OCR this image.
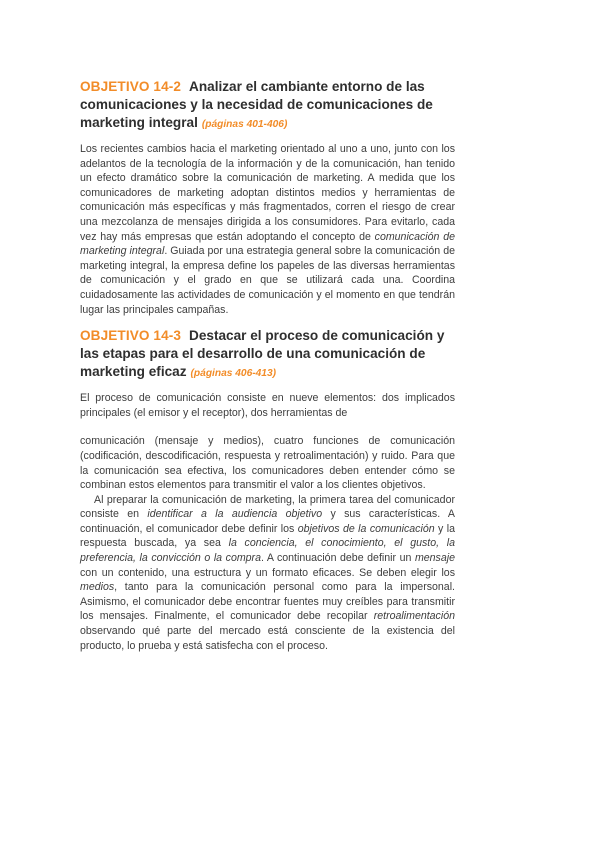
OBJETIVO 14-2 Analizar el cambiante entorno de las comunicaciones y la necesidad de comunicaciones de marketing integral (páginas 401-406)

Los recientes cambios hacia el marketing orientado al uno a uno, junto con los adelantos de la tecnología de la información y de la comunicación, han tenido un efecto dramático sobre la comunicación de marketing. A medida que los comunicadores de marketing adoptan distintos medios y herramientas de comunicación más específicas y más fragmentados, corren el riesgo de crear una mezcolanza de mensajes dirigida a los consumidores. Para evitarlo, cada vez hay más empresas que están adoptando el concepto de comunicación de marketing integral. Guiada por una estrategia general sobre la comunicación de marketing integral, la empresa define los papeles de las diversas herramientas de comunicación y el grado en que se utilizará cada una. Coordina cuidadosamente las actividades de comunicación y el momento en que tendrán lugar las principales campañas.

OBJETIVO 14-3 Destacar el proceso de comunicación y las etapas para el desarrollo de una comunicación de marketing eficaz (páginas 406-413)

El proceso de comunicación consiste en nueve elementos: dos implicados principales (el emisor y el receptor), dos herramientas de

comunicación (mensaje y medios), cuatro funciones de comunicación (codificación, descodificación, respuesta y retroalimentación) y ruido. Para que la comunicación sea efectiva, los comunicadores deben entender cómo se combinan estos elementos para transmitir el valor a los clientes objetivos.

Al preparar la comunicación de marketing, la primera tarea del comunicador consiste en identificar a la audiencia objetivo y sus características. A continuación, el comunicador debe definir los objetivos de la comunicación y la respuesta buscada, ya sea la conciencia, el conocimiento, el gusto, la preferencia, la convicción o la compra. A continuación debe definir un mensaje con un contenido, una estructura y un formato eficaces. Se deben elegir los medios, tanto para la comunicación personal como para la impersonal. Asimismo, el comunicador debe encontrar fuentes muy creíbles para transmitir los mensajes. Finalmente, el comunicador debe recopilar retroalimentación observando qué parte del mercado está consciente de la existencia del producto, lo prueba y está satisfecha con el proceso.
